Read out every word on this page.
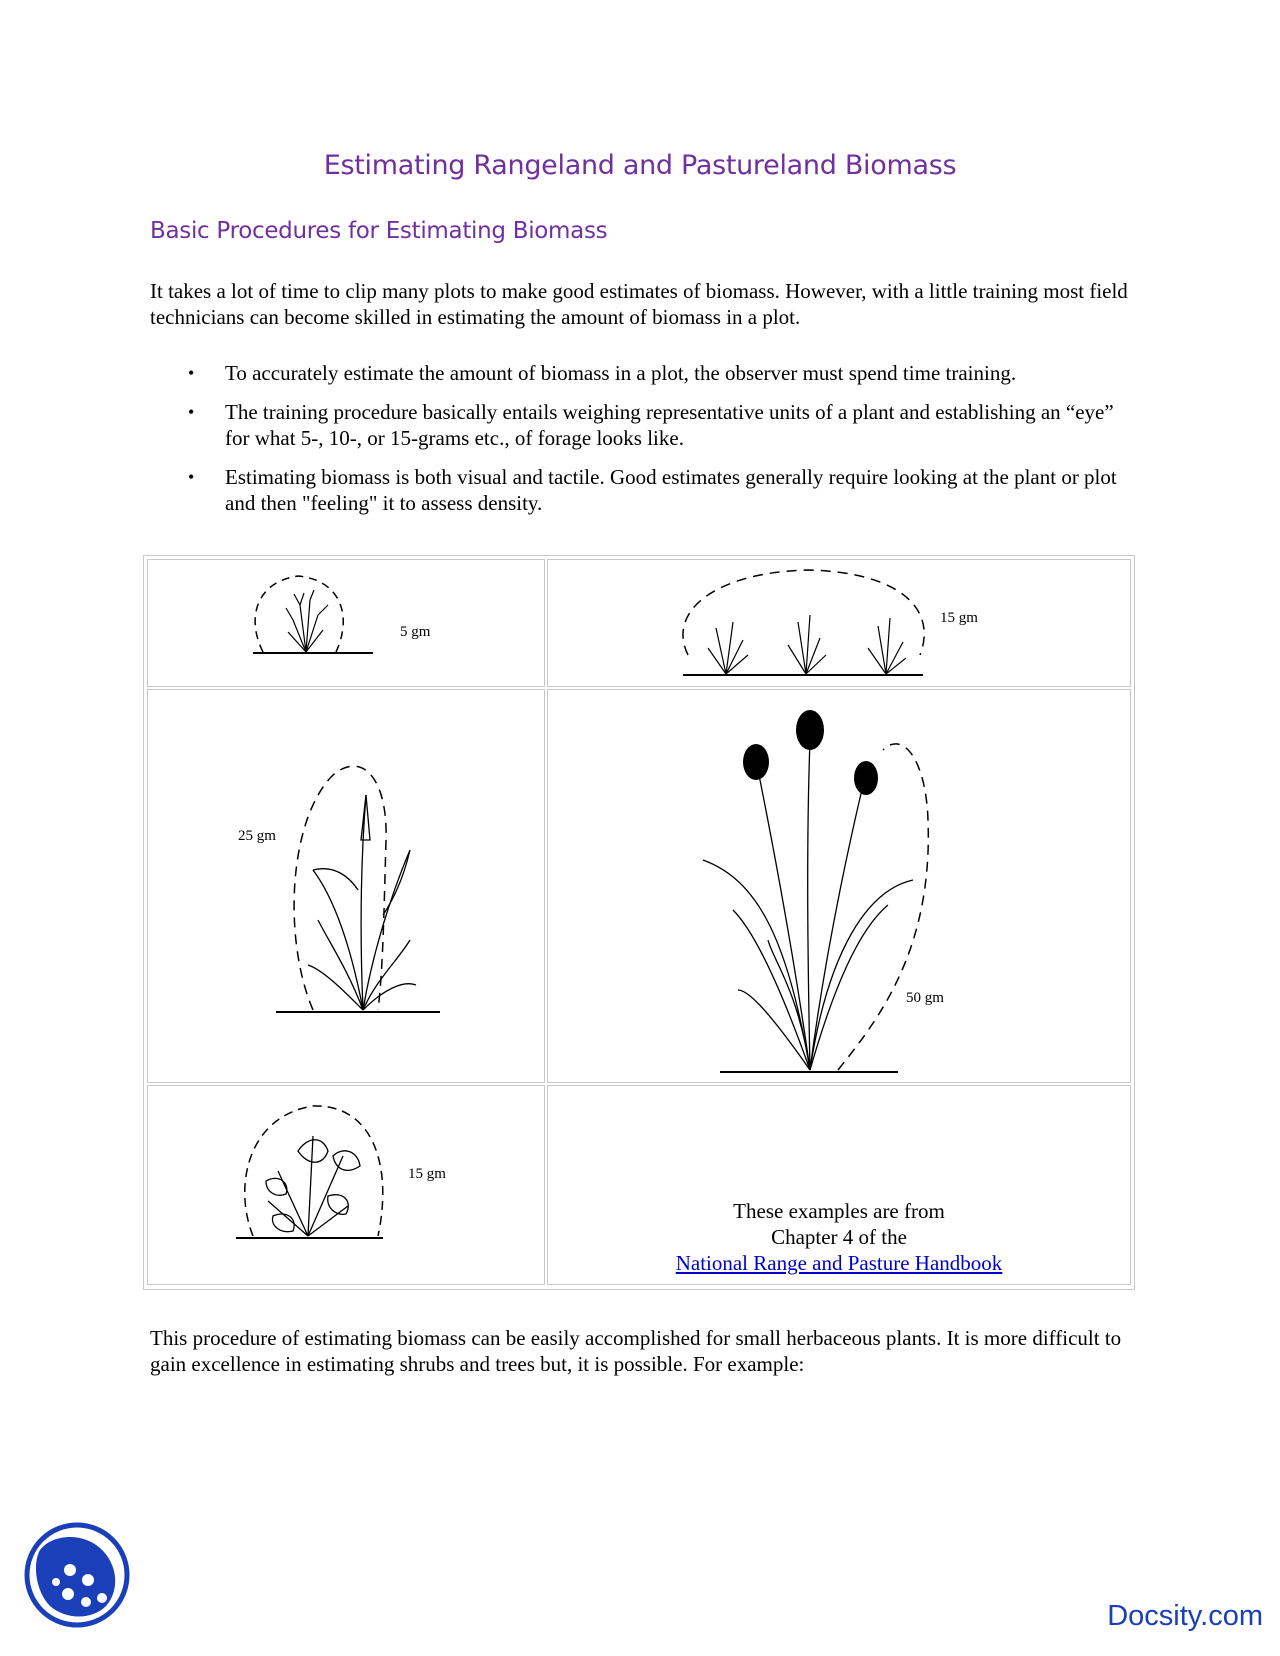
Estimating Rangeland and Pastureland Biomass
Basic Procedures for Estimating Biomass
It takes a lot of time to clip many plots to make good estimates of biomass. However, with a little training most field technicians can become skilled in estimating the amount of biomass in a plot.
• To accurately estimate the amount of biomass in a plot, the observer must spend time training.
• The training procedure basically entails weighing representative units of a plant and establishing an “eye” for what 5-, 10-, or 15-grams etc., of forage looks like.
• Estimating biomass is both visual and tactile. Good estimates generally require looking at the plant or plot and then "feeling" it to assess density.
5 gm
15 gm
25 gm
50 gm
15 gm
These examples are from
Chapter 4 of the
National Range and Pasture Handbook
This procedure of estimating biomass can be easily accomplished for small herbaceous plants. It is more difficult to gain excellence in estimating shrubs and trees but, it is possible. For example:
Docsity.com
